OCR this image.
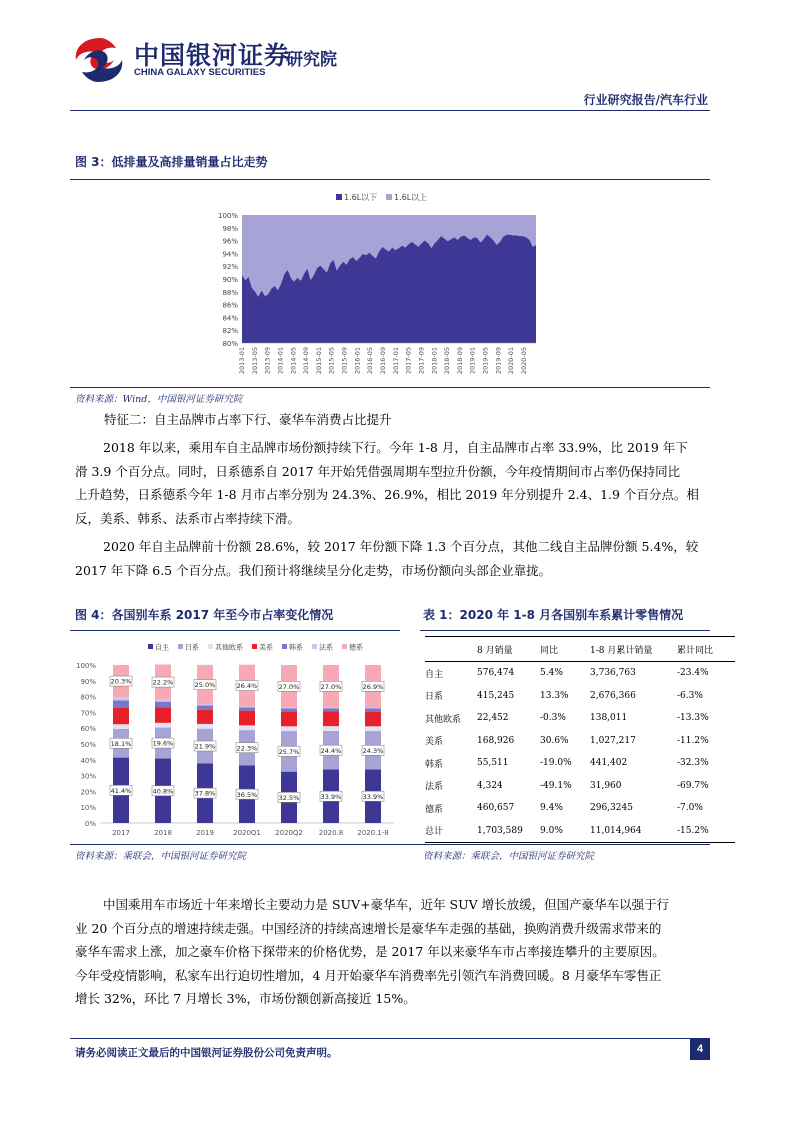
中国银河证券
CHINA GALAXY SECURITIES
研究院
行业研究报告/汽车行业
图 3：低排量及高排量销量占比走势
1.6L以下 1.6L以上
80%
82%
84%
86%
88%
90%
92%
94%
96%
98%
100%
2013-01 2013-05 2013-09 2014-01 2014-05 2014-09 2015-01 2015-05 2015-09 2016-01 2016-05 2016-09 2017-01 2017-05 2017-09 2018-01 2018-05 2018-09 2019-01 2019-05 2019-09 2020-01 2020-05
资料来源：Wind，中国银河证券研究院
特征二：自主品牌市占率下行、豪华车消费占比提升
2018 年以来，乘用车自主品牌市场份额持续下行。今年 1-8 月，自主品牌市占率 33.9%，比 2019 年下
滑 3.9 个百分点。同时，日系德系自 2017 年开始凭借强周期车型拉升份额，今年疫情期间市占率仍保持同比
上升趋势，日系德系今年 1-8 月市占率分别为 24.3%、26.9%，相比 2019 年分别提升 2.4、1.9 个百分点。相
反，美系、韩系、法系市占率持续下滑。
2020 年自主品牌前十份额 28.6%，较 2017 年份额下降 1.3 个百分点，其他二线自主品牌份额 5.4%，较
2017 年下降 6.5 个百分点。我们预计将继续呈分化走势，市场份额向头部企业靠拢。
图 4：各国别车系 2017 年至今市占率变化情况	表 1：2020 年 1-8 月各国别车系累计零售情况
自主 日系 其他欧系 美系 韩系 法系 德系
0%
10%
20%
30%
40%
50%
60%
70%
80%
90%
100%
41.4%
18.1%
20.3%
40.8%
19.6%
22.2%
37.8%
21.9%
25.0%
36.5%
22.3%
26.4%
32.5%
25.7%
27.0%
33.9%
24.4%
27.0%
33.9%
24.3%
26.9%
2017	2018	2019	2020Q1 2020Q2 2020.8 2020.1-8
	8 月销量	同比	1-8 月累计销量	累计同比
自主	576,474	5.4%	3,736,763	-23.4%
日系	415,245	13.3%	2,676,366	-6.3%
其他欧系	22,452	-0.3%	138,011	-13.3%
美系	168,926	30.6%	1,027,217	-11.2%
韩系	55,511	-19.0%	441,402	-32.3%
法系	4,324	-49.1%	31,960	-69.7%
德系	460,657	9.4%	296,3245	-7.0%
总计	1,703,589	9.0%	11,014,964	-15.2%
资料来源：乘联会，中国银河证券研究院	资料来源：乘联会，中国银河证券研究院
中国乘用车市场近十年来增长主要动力是 SUV+豪华车，近年 SUV 增长放缓，但国产豪华车以强于行
业 20 个百分点的增速持续走强。中国经济的持续高速增长是豪华车走强的基础，换购消费升级需求带来的
豪华车需求上涨，加之豪车价格下探带来的价格优势，是 2017 年以来豪华车市占率接连攀升的主要原因。
今年受疫情影响，私家车出行迫切性增加，4 月开始豪华车消费率先引领汽车消费回暖。8 月豪华车零售正
增长 32%，环比 7 月增长 3%，市场份额创新高接近 15%。
请务必阅读正文最后的中国银河证券股份公司免责声明。	4
